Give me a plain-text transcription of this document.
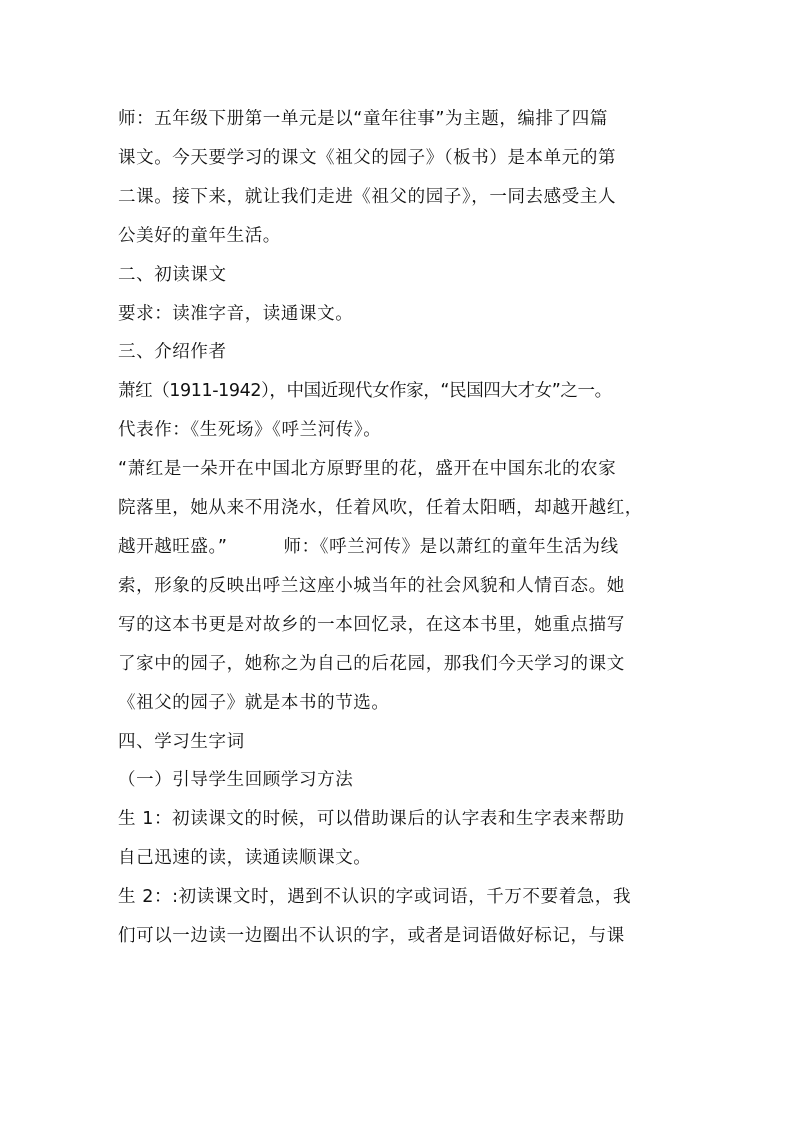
师：五年级下册第一单元是以“童年往事”为主题，编排了四篇
课文。今天要学习的课文《祖父的园子》（板书）是本单元的第
二课。接下来，就让我们走进《祖父的园子》，一同去感受主人
公美好的童年生活。

二、初读课文

要求：读准字音，读通课文。

三、介绍作者

萧红（1911-1942），中国近现代女作家，“民国四大才女”之一。
代表作：《生死场》《呼兰河传》。

“萧红是一朵开在中国北方原野里的花，盛开在中国东北的农家
院落里，她从来不用浇水，任着风吹，任着太阳晒，却越开越红，

越开越旺盛。”	师：《呼兰河传》是以萧红的童年生活为线
索，形象的反映出呼兰这座小城当年的社会风貌和人情百态。她
写的这本书更是对故乡的一本回忆录，在这本书里，她重点描写
了家中的园子，她称之为自己的后花园，那我们今天学习的课文
《祖父的园子》就是本书的节选。

四、学习生字词

（一）引导学生回顾学习方法

生 1：初读课文的时候，可以借助课后的认字表和生字表来帮助
自己迅速的读，读通读顺课文。

生 2：:初读课文时，遇到不认识的字或词语，千万不要着急，我
们可以一边读一边圈出不认识的字，或者是词语做好标记，与课
